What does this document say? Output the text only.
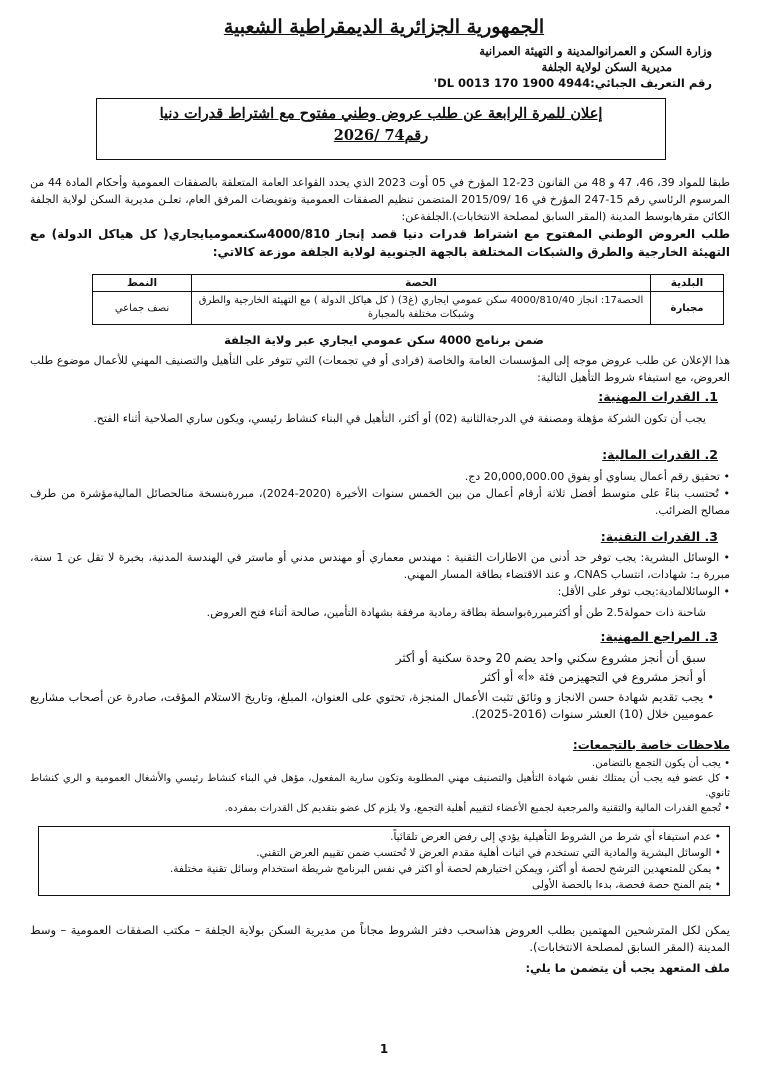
الجمهورية الجزائرية الديمقراطية الشعبية
وزارة السكن و العمرانوالمدينة و التهيئة العمرانية
مديرية السكن لولاية الجلفة
رقم التعريف الجبائي:DL 0013 170 1900 4944'
إعلان للمرة الرابعة عن طلب عروض وطني مفتوح مع اشتراط قدرات دنيا
رقم74 /2026
طبقا للمواد 39، 46، 47 و 48 من القانون 23-12 المؤرخ في 05 أوت 2023 الذي يحدد القواعد العامة المتعلقة بالصفقات العمومية وأحكام المادة 44 من المرسوم الرئاسي رقم 15-247 المؤرخ في 16 /2015/09 المتضمن تنظيم الصفقات العمومية وتفويضات المرفق العام، تعلـن مديرية السكن لولاية الجلفة الكائن مقرهابوسط المدينة (المقر السابق لمصلحة الانتخابات).الجلفةعن:
طلب العروض الوطني المفتوح مع اشتراط قدرات دنيا قصد إنجاز 4000/810سكنعموميايجاري( كل هياكل الدولة) مع التهيئة الخارجية والطرق والشبكات المختلفة بالجهة الجنوبية لولاية الجلفة موزعة كالاتي:
البلدية	الحصة	النمط
مجبارة	الحصة17: انجاز 4000/810/40 سكن عمومي ايجاري (غ3) ( كل هياكل الدولة ) مع التهيئة الخارجية والطرق وشبكات مختلفة بالمجبارة	نصف جماعي
ضمن برنامج 4000 سكن عمومي ايجاري عبر ولاية الجلفة
هذا الإعلان عن طلب عروض موجه إلى المؤسسات العامة والخاصة (فرادى أو في تجمعات) التي تتوفر على التأهيل والتصنيف المهني للأعمال موضوع طلب العروض، مع استيفاء شروط التأهيل التالية:
1. القدرات المهنية:
يجب أن تكون الشركة مؤهلة ومصنفة في الدرجةالثانية (02) أو أكثر، التأهيل في البناء كنشاط رئيسي، ويكون ساري الصلاحية أثناء الفتح.
2. القدرات المالية:
• تحقيق رقم أعمال يساوي أو يفوق 20,000,000.00 دج.
• تُحتسب بناءً على متوسط أفضل ثلاثة أرقام أعمال من بين الخمس سنوات الأخيرة (2020-2024)، مبررةبنسخة منالحصائل الماليةمؤشرة من طرف مصالح الضرائب.
3. القدرات التقنية:
• الوسائل البشرية: يجب توفر حد أدنى من الاطارات التقنية : مهندس معماري أو مهندس مدني أو ماستر في الهندسة المدنية، بخبرة لا تقل عن 1 سنة، مبررة بـ: شهادات، انتساب CNAS، و عند الاقتضاء بطاقة المسار المهني.
• الوسائلالمادية:يجب توفر على الأقل:
شاحنة ذات حمولة2.5 طن أو أكثرمبررةبواسطة بطاقة رمادية مرفقة بشهادة التأمين، صالحة أثناء فتح العروض.
3. المراجع المهنية:
سبق أن أنجز مشروع سكني واحد يضم 20 وحدة سكنية أو أكثر
أو أنجز مشروع في التجهيزمن فئة «أ» أو أكثر
• يجب تقديم شهادة حسن الانجاز و وثائق تثبت الأعمال المنجزة، تحتوي على العنوان، المبلغ، وتاريخ الاستلام المؤقت، صادرة عن أصحاب مشاريع عموميين خلال (10) العشر سنوات (2016-2025).
ملاحظات خاصة بالتجمعات:
• يجب أن يكون التجمع بالتضامن.
• كل عضو فيه يجب أن يمتلك نفس شهادة التأهيل والتصنيف مهني المطلوبة وتكون سارية المفعول، مؤهل في البناء كنشاط رئيسي والأشغال العمومية و الري كنشاط ثانوي.
• تُجمع القدرات المالية والتقنية والمرجعية لجميع الأعضاء لتقييم أهلية التجمع، ولا يلزم كل عضو بتقديم كل القدرات بمفرده.
• عدم استيفاء أي شرط من الشروط التأهيلية يؤدي إلى رفض العرض تلقائياً.
• الوسائل البشرية والمادية التي تستخدم في اثبات أهلية مقدم العرض لا تُحتسب ضمن تقييم العرض التقني.
• يمكن للمتعهدين الترشح لحصة أو أكثر، ويمكن اختيارهم لحصة أو اكثر في نفس البرنامج شريطة استخدام وسائل تقنية مختلفة.
• يتم المنح حصة فحصة، بدءا بالحصة الأولى
يمكن لكل المترشحين المهتمين بطلب العروض هذاسحب دفتر الشروط مجاناً من مديرية السكن بولاية الجلفة – مكتب الصفقات العمومية – وسط المدينة (المقر السابق لمصلحة الانتخابات).
ملف المتعهد يجب أن يتضمن ما يلي:
1
